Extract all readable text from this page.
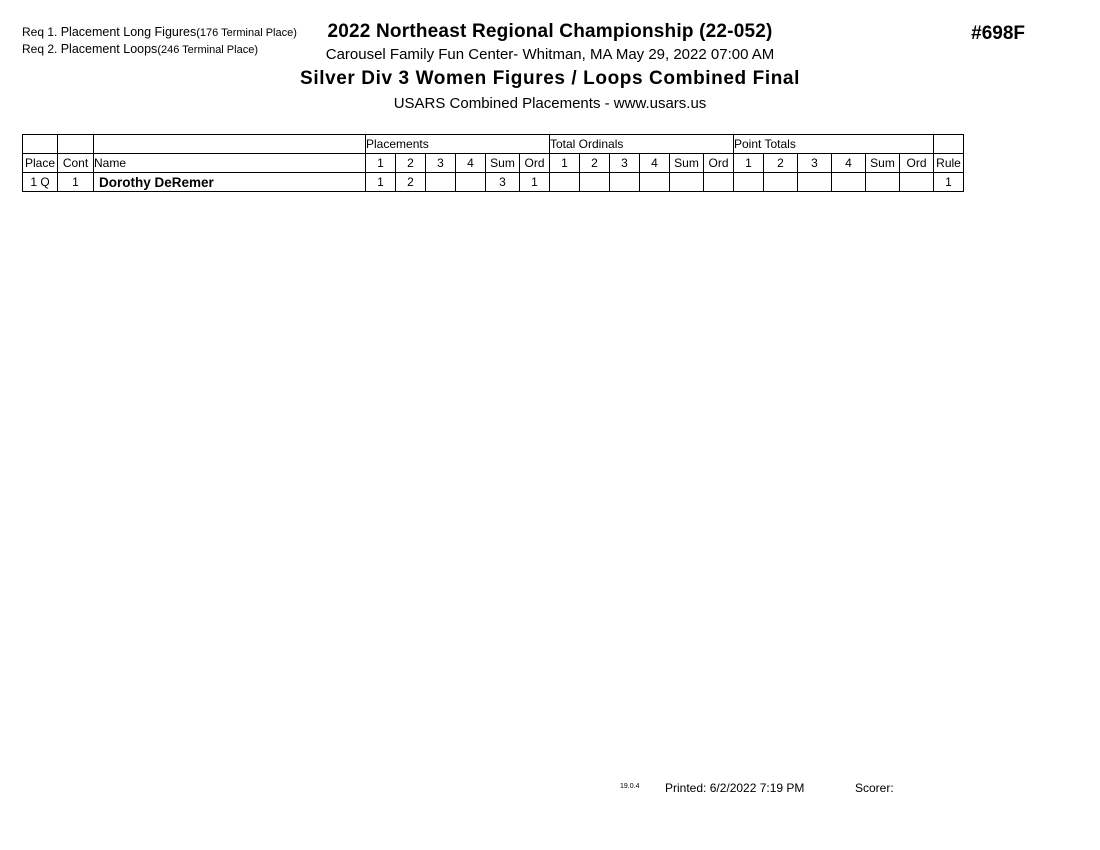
Req 1. Placement Long Figures(176 Terminal Place)
Req 2. Placement Loops(246 Terminal Place)
#698F
2022 Northeast Regional Championship (22-052)
Carousel Family Fun Center- Whitman, MA May 29, 2022 07:00 AM
Silver Div 3 Women Figures / Loops Combined Final
USARS Combined Placements - www.usars.us
			Placements						Total Ordinals						Point Totals						
Place	Cont	Name	1	2	3	4	Sum	Ord	1	2	3	4	Sum	Ord	1	2	3	4	Sum	Ord	Rule
1 Q	1	Dorothy DeRemer	1	2			3	1													1
19.0.4 Printed: 6/2/2022 7:19 PM	Scorer:
